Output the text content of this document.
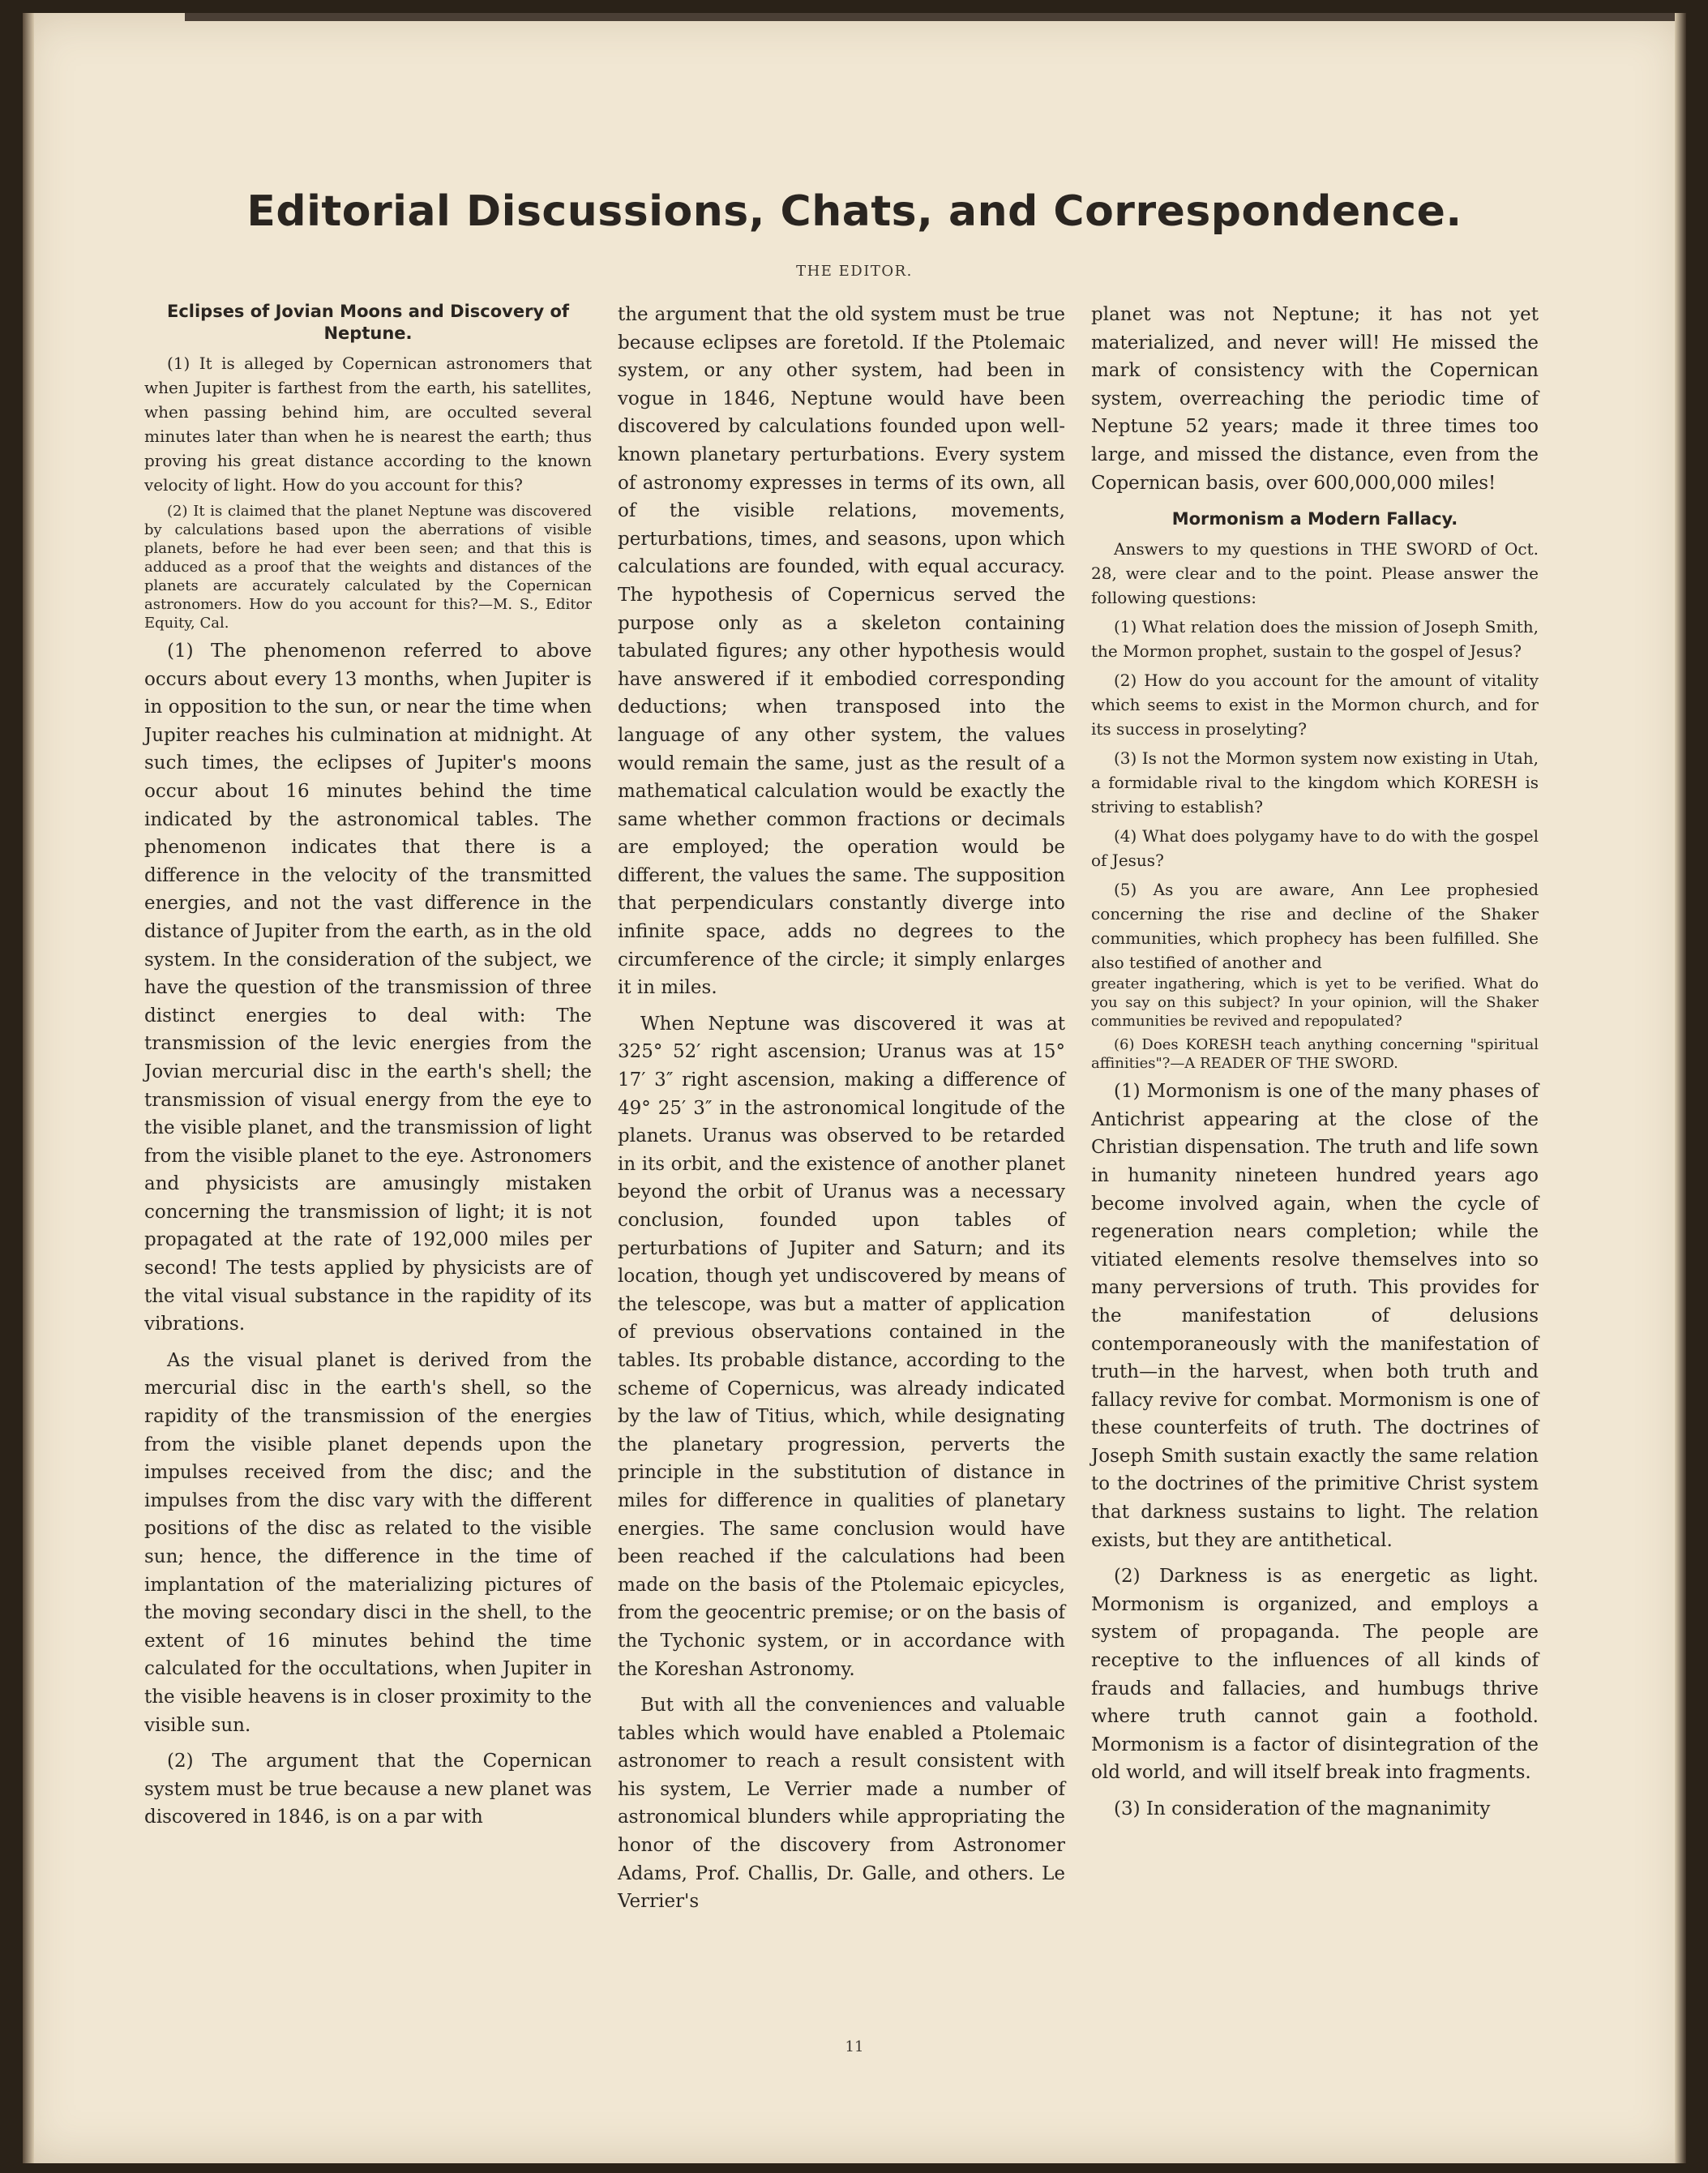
Editorial Discussions, Chats, and Correspondence.
THE EDITOR.
Eclipses of Jovian Moons and Discovery of Neptune.

(1) It is alleged by Copernican astronomers that when Jupiter is farthest from the earth, his satellites, when passing behind him, are occulted several minutes later than when he is nearest the earth; thus proving his great distance according to the known velocity of light. How do you account for this?

(2) It is claimed that the planet Neptune was discovered by calculations based upon the aberrations of visible planets, before he had ever been seen; and that this is adduced as a proof that the weights and distances of the planets are accurately calculated by the Copernican astronomers. How do you account for this?—M. S., Editor Equity, Cal.

(1) The phenomenon referred to above occurs about every 13 months, when Jupiter is in opposition to the sun, or near the time when Jupiter reaches his culmination at midnight. At such times, the eclipses of Jupiter's moons occur about 16 minutes behind the time indicated by the astronomical tables. The phenomenon indicates that there is a difference in the velocity of the transmitted energies, and not the vast difference in the distance of Jupiter from the earth, as in the old system. In the consideration of the subject, we have the question of the transmission of three distinct energies to deal with: The transmission of the levic energies from the Jovian mercurial disc in the earth's shell; the transmission of visual energy from the eye to the visible planet, and the transmission of light from the visible planet to the eye. Astronomers and physicists are amusingly mistaken concerning the transmission of light; it is not propagated at the rate of 192,000 miles per second! The tests applied by physicists are of the vital visual substance in the rapidity of its vibrations.

As the visual planet is derived from the mercurial disc in the earth's shell, so the rapidity of the transmission of the energies from the visible planet depends upon the impulses received from the disc; and the impulses from the disc vary with the different positions of the disc as related to the visible sun; hence, the difference in the time of implantation of the materializing pictures of the moving secondary disci in the shell, to the extent of 16 minutes behind the time calculated for the occultations, when Jupiter in the visible heavens is in closer proximity to the visible sun.

(2) The argument that the Copernican system must be true because a new planet was discovered in 1846, is on a par with

the argument that the old system must be true because eclipses are foretold. If the Ptolemaic system, or any other system, had been in vogue in 1846, Neptune would have been discovered by calculations founded upon well-known planetary perturbations. Every system of astronomy expresses in terms of its own, all of the visible relations, movements, perturbations, times, and seasons, upon which calculations are founded, with equal accuracy. The hypothesis of Copernicus served the purpose only as a skeleton containing tabulated figures; any other hypothesis would have answered if it embodied corresponding deductions; when transposed into the language of any other system, the values would remain the same, just as the result of a mathematical calculation would be exactly the same whether common fractions or decimals are employed; the operation would be different, the values the same. The supposition that perpendiculars constantly diverge into infinite space, adds no degrees to the circumference of the circle; it simply enlarges it in miles.

When Neptune was discovered it was at 325° 52′ right ascension; Uranus was at 15° 17′ 3″ right ascension, making a difference of 49° 25′ 3″ in the astronomical longitude of the planets. Uranus was observed to be retarded in its orbit, and the existence of another planet beyond the orbit of Uranus was a necessary conclusion, founded upon tables of perturbations of Jupiter and Saturn; and its location, though yet undiscovered by means of the telescope, was but a matter of application of previous observations contained in the tables. Its probable distance, according to the scheme of Copernicus, was already indicated by the law of Titius, which, while designating the planetary progression, perverts the principle in the substitution of distance in miles for difference in qualities of planetary energies. The same conclusion would have been reached if the calculations had been made on the basis of the Ptolemaic epicycles, from the geocentric premise; or on the basis of the Tychonic system, or in accordance with the Koreshan Astronomy.

But with all the conveniences and valuable tables which would have enabled a Ptolemaic astronomer to reach a result consistent with his system, Le Verrier made a number of astronomical blunders while appropriating the honor of the discovery from Astronomer Adams, Prof. Challis, Dr. Galle, and others. Le Verrier's

planet was not Neptune; it has not yet materialized, and never will! He missed the mark of consistency with the Copernican system, overreaching the periodic time of Neptune 52 years; made it three times too large, and missed the distance, even from the Copernican basis, over 600,000,000 miles!

Mormonism a Modern Fallacy.

Answers to my questions in THE SWORD of Oct. 28, were clear and to the point. Please answer the following questions:

(1) What relation does the mission of Joseph Smith, the Mormon prophet, sustain to the gospel of Jesus?

(2) How do you account for the amount of vitality which seems to exist in the Mormon church, and for its success in proselyting?

(3) Is not the Mormon system now existing in Utah, a formidable rival to the kingdom which KORESH is striving to establish?

(4) What does polygamy have to do with the gospel of Jesus?

(5) As you are aware, Ann Lee prophesied concerning the rise and decline of the Shaker communities, which prophecy has been fulfilled. She also testified of another and

greater ingathering, which is yet to be verified. What do you say on this subject? In your opinion, will the Shaker communities be revived and repopulated?

(6) Does KORESH teach anything concerning "spiritual affinities"?—A READER OF THE SWORD.

(1) Mormonism is one of the many phases of Antichrist appearing at the close of the Christian dispensation. The truth and life sown in humanity nineteen hundred years ago become involved again, when the cycle of regeneration nears completion; while the vitiated elements resolve themselves into so many perversions of truth. This provides for the manifestation of delusions contemporaneously with the manifestation of truth—in the harvest, when both truth and fallacy revive for combat. Mormonism is one of these counterfeits of truth. The doctrines of Joseph Smith sustain exactly the same relation to the doctrines of the primitive Christ system that darkness sustains to light. The relation exists, but they are antithetical.

(2) Darkness is as energetic as light. Mormonism is organized, and employs a system of propaganda. The people are receptive to the influences of all kinds of frauds and fallacies, and humbugs thrive where truth cannot gain a foothold. Mormonism is a factor of disintegration of the old world, and will itself break into fragments.

(3) In consideration of the magnanimity

11
